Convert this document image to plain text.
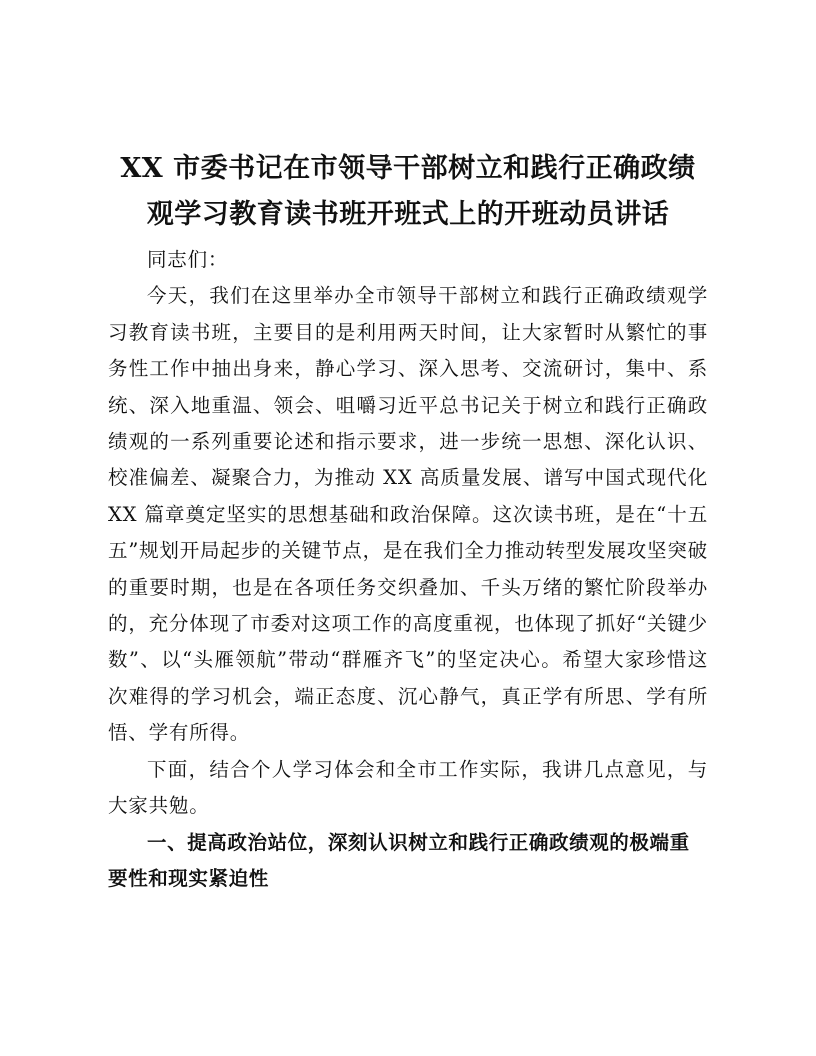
XX 市委书记在市领导干部树立和践行正确政绩
观学习教育读书班开班式上的开班动员讲话

同志们：

今天，我们在这里举办全市领导干部树立和践行正确政绩观学习教育读书班，主要目的是利用两天时间，让大家暂时从繁忙的事务性工作中抽出身来，静心学习、深入思考、交流研讨，集中、系统、深入地重温、领会、咀嚼习近平总书记关于树立和践行正确政绩观的一系列重要论述和指示要求，进一步统一思想、深化认识、校准偏差、凝聚合力，为推动 XX 高质量发展、谱写中国式现代化 XX 篇章奠定坚实的思想基础和政治保障。这次读书班，是在“十五五”规划开局起步的关键节点，是在我们全力推动转型发展攻坚突破的重要时期，也是在各项任务交织叠加、千头万绪的繁忙阶段举办的，充分体现了市委对这项工作的高度重视，也体现了抓好“关键少数”、以“头雁领航”带动“群雁齐飞”的坚定决心。希望大家珍惜这次难得的学习机会，端正态度、沉心静气，真正学有所思、学有所悟、学有所得。

下面，结合个人学习体会和全市工作实际，我讲几点意见，与大家共勉。

一、提高政治站位，深刻认识树立和践行正确政绩观的极端重要性和现实紧迫性
